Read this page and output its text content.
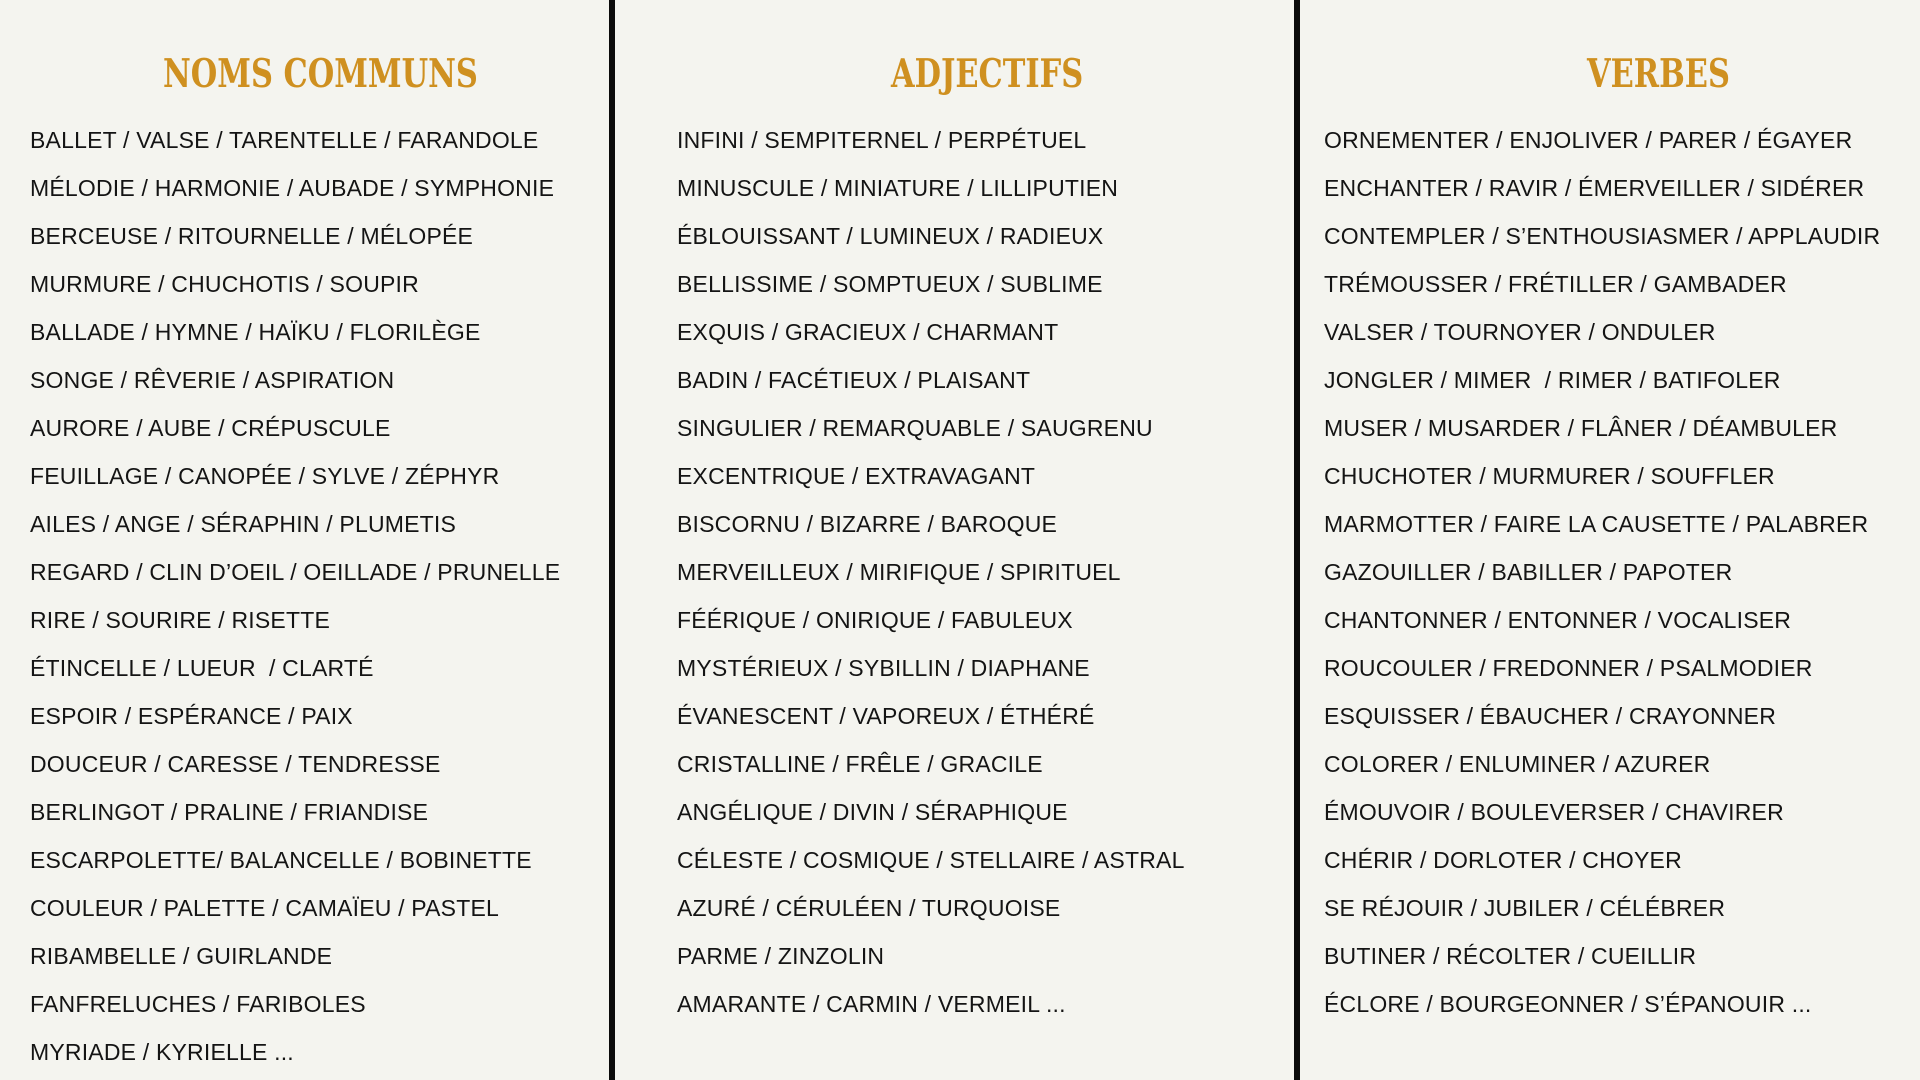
NOMS COMMUNS
BALLET / VALSE / TARENTELLE / FARANDOLE
MÉLODIE / HARMONIE / AUBADE / SYMPHONIE
BERCEUSE / RITOURNELLE / MÉLOPÉE
MURMURE / CHUCHOTIS / SOUPIR
BALLADE / HYMNE / HAÏKU / FLORILÈGE
SONGE / RÊVERIE / ASPIRATION
AURORE / AUBE / CRÉPUSCULE
FEUILLAGE / CANOPÉE / SYLVE / ZÉPHYR
AILES / ANGE / SÉRAPHIN / PLUMETIS
REGARD / CLIN D’OEIL / OEILLADE / PRUNELLE
RIRE / SOURIRE / RISETTE
ÉTINCELLE / LUEUR  / CLARTÉ
ESPOIR / ESPÉRANCE / PAIX
DOUCEUR / CARESSE / TENDRESSE
BERLINGOT / PRALINE / FRIANDISE
ESCARPOLETTE/ BALANCELLE / BOBINETTE
COULEUR / PALETTE / CAMAÏEU / PASTEL
RIBAMBELLE / GUIRLANDE
FANFRELUCHES / FARIBOLES
MYRIADE / KYRIELLE ...
ADJECTIFS
INFINI / SEMPITERNEL / PERPÉTUEL
MINUSCULE / MINIATURE / LILLIPUTIEN
ÉBLOUISSANT / LUMINEUX / RADIEUX
BELLISSIME / SOMPTUEUX / SUBLIME
EXQUIS / GRACIEUX / CHARMANT
BADIN / FACÉTIEUX / PLAISANT
SINGULIER / REMARQUABLE / SAUGRENU
EXCENTRIQUE / EXTRAVAGANT
BISCORNU / BIZARRE / BAROQUE
MERVEILLEUX / MIRIFIQUE / SPIRITUEL
FÉÉRIQUE / ONIRIQUE / FABULEUX
MYSTÉRIEUX / SYBILLIN / DIAPHANE
ÉVANESCENT / VAPOREUX / ÉTHÉRÉ
CRISTALLINE / FRÊLE / GRACILE
ANGÉLIQUE / DIVIN / SÉRAPHIQUE
CÉLESTE / COSMIQUE / STELLAIRE / ASTRAL
AZURÉ / CÉRULÉEN / TURQUOISE
PARME / ZINZOLIN
AMARANTE / CARMIN / VERMEIL ...
VERBES
ORNEMENTER / ENJOLIVER / PARER / ÉGAYER
ENCHANTER / RAVIR / ÉMERVEILLER / SIDÉRER
CONTEMPLER / S’ENTHOUSIASMER / APPLAUDIR
TRÉMOUSSER / FRÉTILLER / GAMBADER
VALSER / TOURNOYER / ONDULER
JONGLER / MIMER  / RIMER / BATIFOLER
MUSER / MUSARDER / FLÂNER / DÉAMBULER
CHUCHOTER / MURMURER / SOUFFLER
MARMOTTER / FAIRE LA CAUSETTE / PALABRER
GAZOUILLER / BABILLER / PAPOTER
CHANTONNER / ENTONNER / VOCALISER
ROUCOULER / FREDONNER / PSALMODIER
ESQUISSER / ÉBAUCHER / CRAYONNER
COLORER / ENLUMINER / AZURER
ÉMOUVOIR / BOULEVERSER / CHAVIRER
CHÉRIR / DORLOTER / CHOYER
SE RÉJOUIR / JUBILER / CÉLÉBRER
BUTINER / RÉCOLTER / CUEILLIR
ÉCLORE / BOURGEONNER / S’ÉPANOUIR ...
